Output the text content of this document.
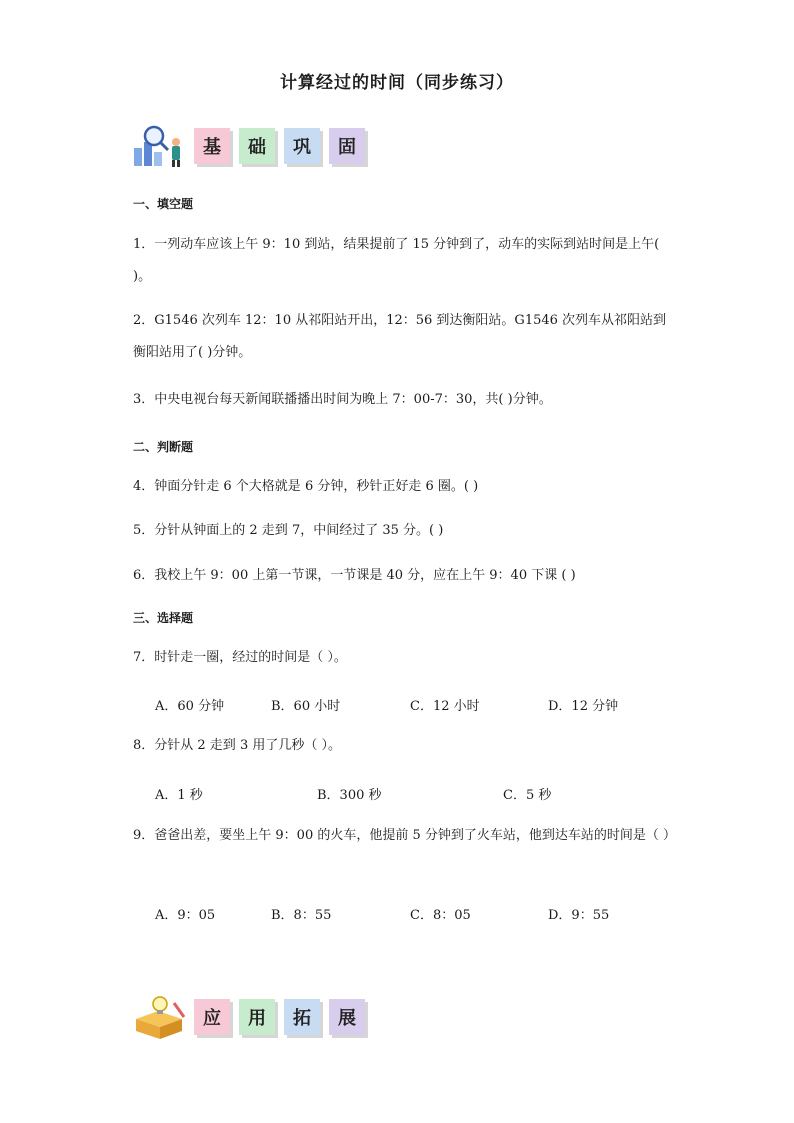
计算经过的时间（同步练习）
基	础	巩	固
一、填空题
1．一列动车应该上午 9：10 到站，结果提前了 15 分钟到了，动车的实际到站时间是上午( )。
2．G1546 次列车 12：10 从祁阳站开出，12：56 到达衡阳站。G1546 次列车从祁阳站到衡阳站用了( )分钟。
3．中央电视台每天新闻联播播出时间为晚上 7：00-7：30，共( )分钟。
二、判断题
4．钟面分针走 6 个大格就是 6 分钟，秒针正好走 6 圈。( )
5．分针从钟面上的 2 走到 7，中间经过了 35 分。( )
6．我校上午 9：00 上第一节课，一节课是 40 分，应在上午 9：40 下课 ( )
三、选择题
7．时针走一圈，经过的时间是（ ）。
A．60 分钟	B．60 小时	C．12 小时	D．12 分钟
8．分针从 2 走到 3 用了几秒（ ）。
A．1 秒	B．300 秒	C．5 秒
9．爸爸出差，要坐上午 9：00 的火车，他提前 5 分钟到了火车站，他到达车站的时间是（ ）
A．9：05	B．8：55	C．8：05	D．9：55
应	用	拓	展
